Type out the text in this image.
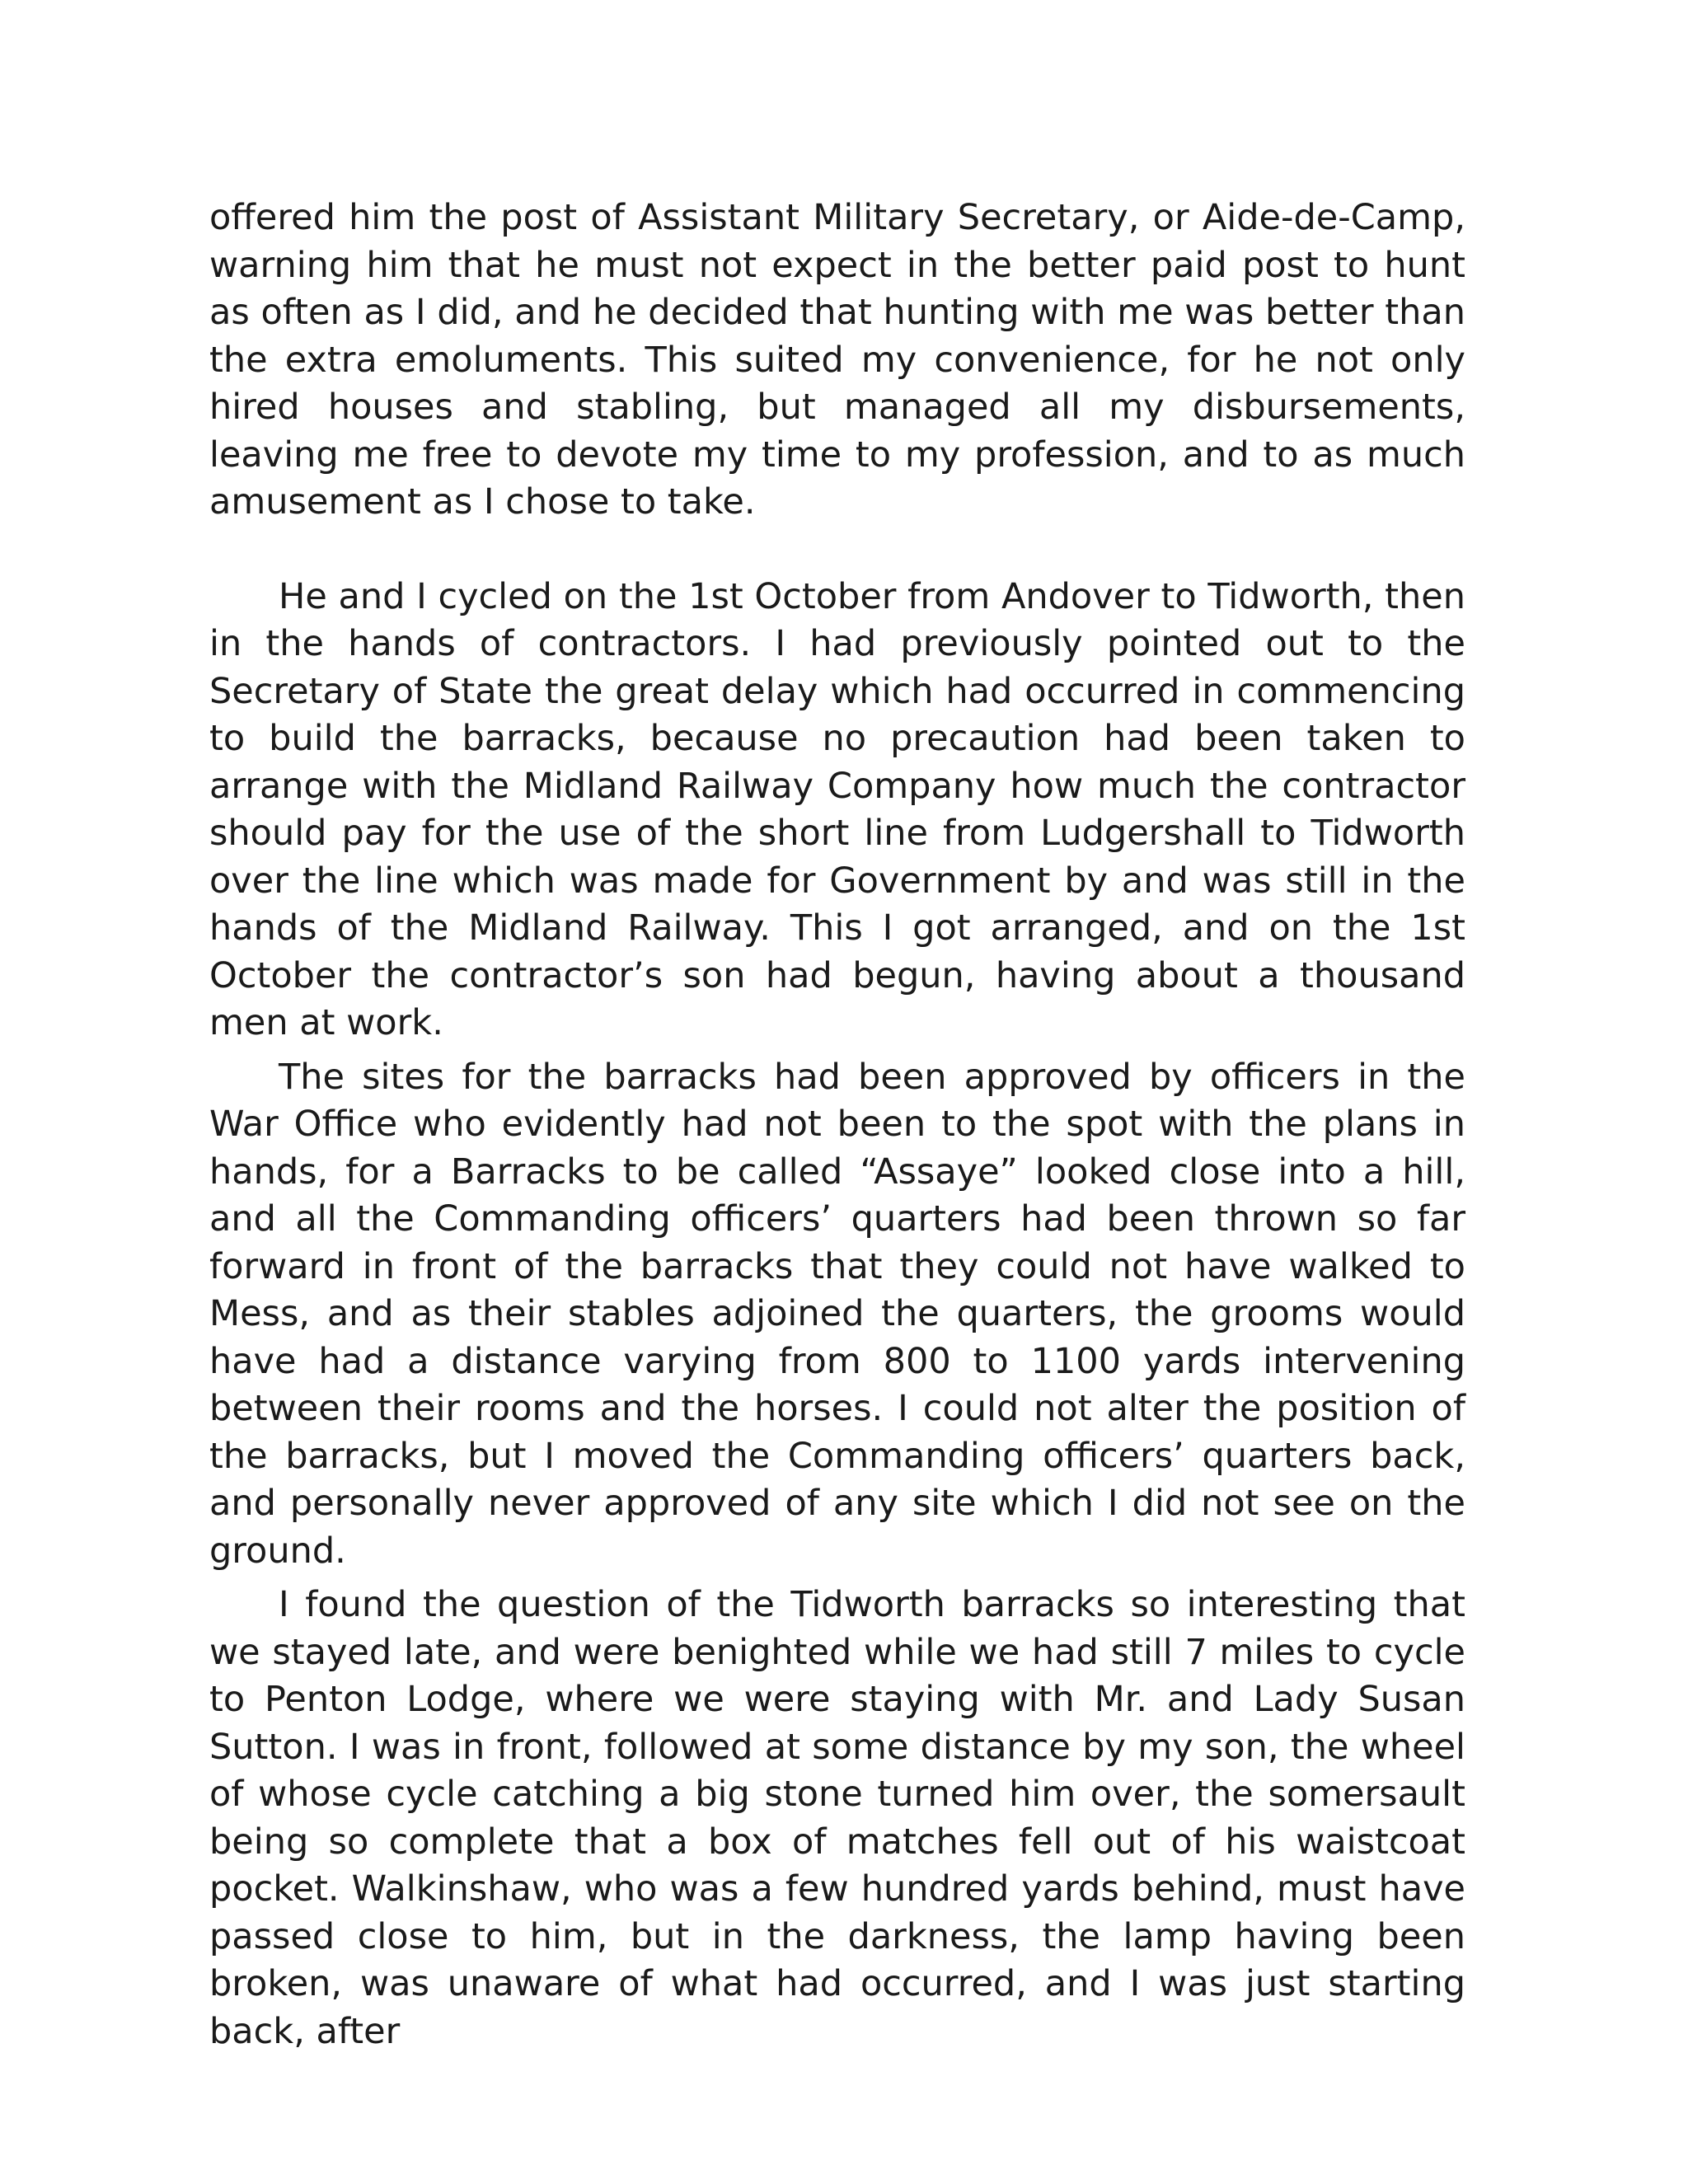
offered him the post of Assistant Military Secretary, or Aide-de-Camp, warning him that he must not expect in the better paid post to hunt as often as I did, and he decided that hunting with me was better than the extra emoluments. This suited my convenience, for he not only hired houses and stabling, but managed all my disbursements, leaving me free to devote my time to my profession, and to as much amusement as I chose to take.

He and I cycled on the 1st October from Andover to Tidworth, then in the hands of contractors. I had previously pointed out to the Secretary of State the great delay which had occurred in commencing to build the barracks, because no precaution had been taken to arrange with the Midland Railway Company how much the contractor should pay for the use of the short line from Ludgershall to Tidworth over the line which was made for Government by and was still in the hands of the Midland Railway. This I got arranged, and on the 1st October the contractor’s son had begun, having about a thousand men at work.

The sites for the barracks had been approved by officers in the War Office who evidently had not been to the spot with the plans in hands, for a Barracks to be called “Assaye” looked close into a hill, and all the Commanding officers’ quarters had been thrown so far forward in front of the barracks that they could not have walked to Mess, and as their stables adjoined the quarters, the grooms would have had a distance varying from 800 to 1100 yards intervening between their rooms and the horses. I could not alter the position of the barracks, but I moved the Commanding officers’ quarters back, and personally never approved of any site which I did not see on the ground.

I found the question of the Tidworth barracks so interesting that we stayed late, and were benighted while we had still 7 miles to cycle to Penton Lodge, where we were staying with Mr. and Lady Susan Sutton. I was in front, followed at some distance by my son, the wheel of whose cycle catching a big stone turned him over, the somersault being so complete that a box of matches fell out of his waistcoat pocket. Walkinshaw, who was a few hundred yards behind, must have passed close to him, but in the darkness, the lamp having been broken, was unaware of what had occurred, and I was just starting back, after
